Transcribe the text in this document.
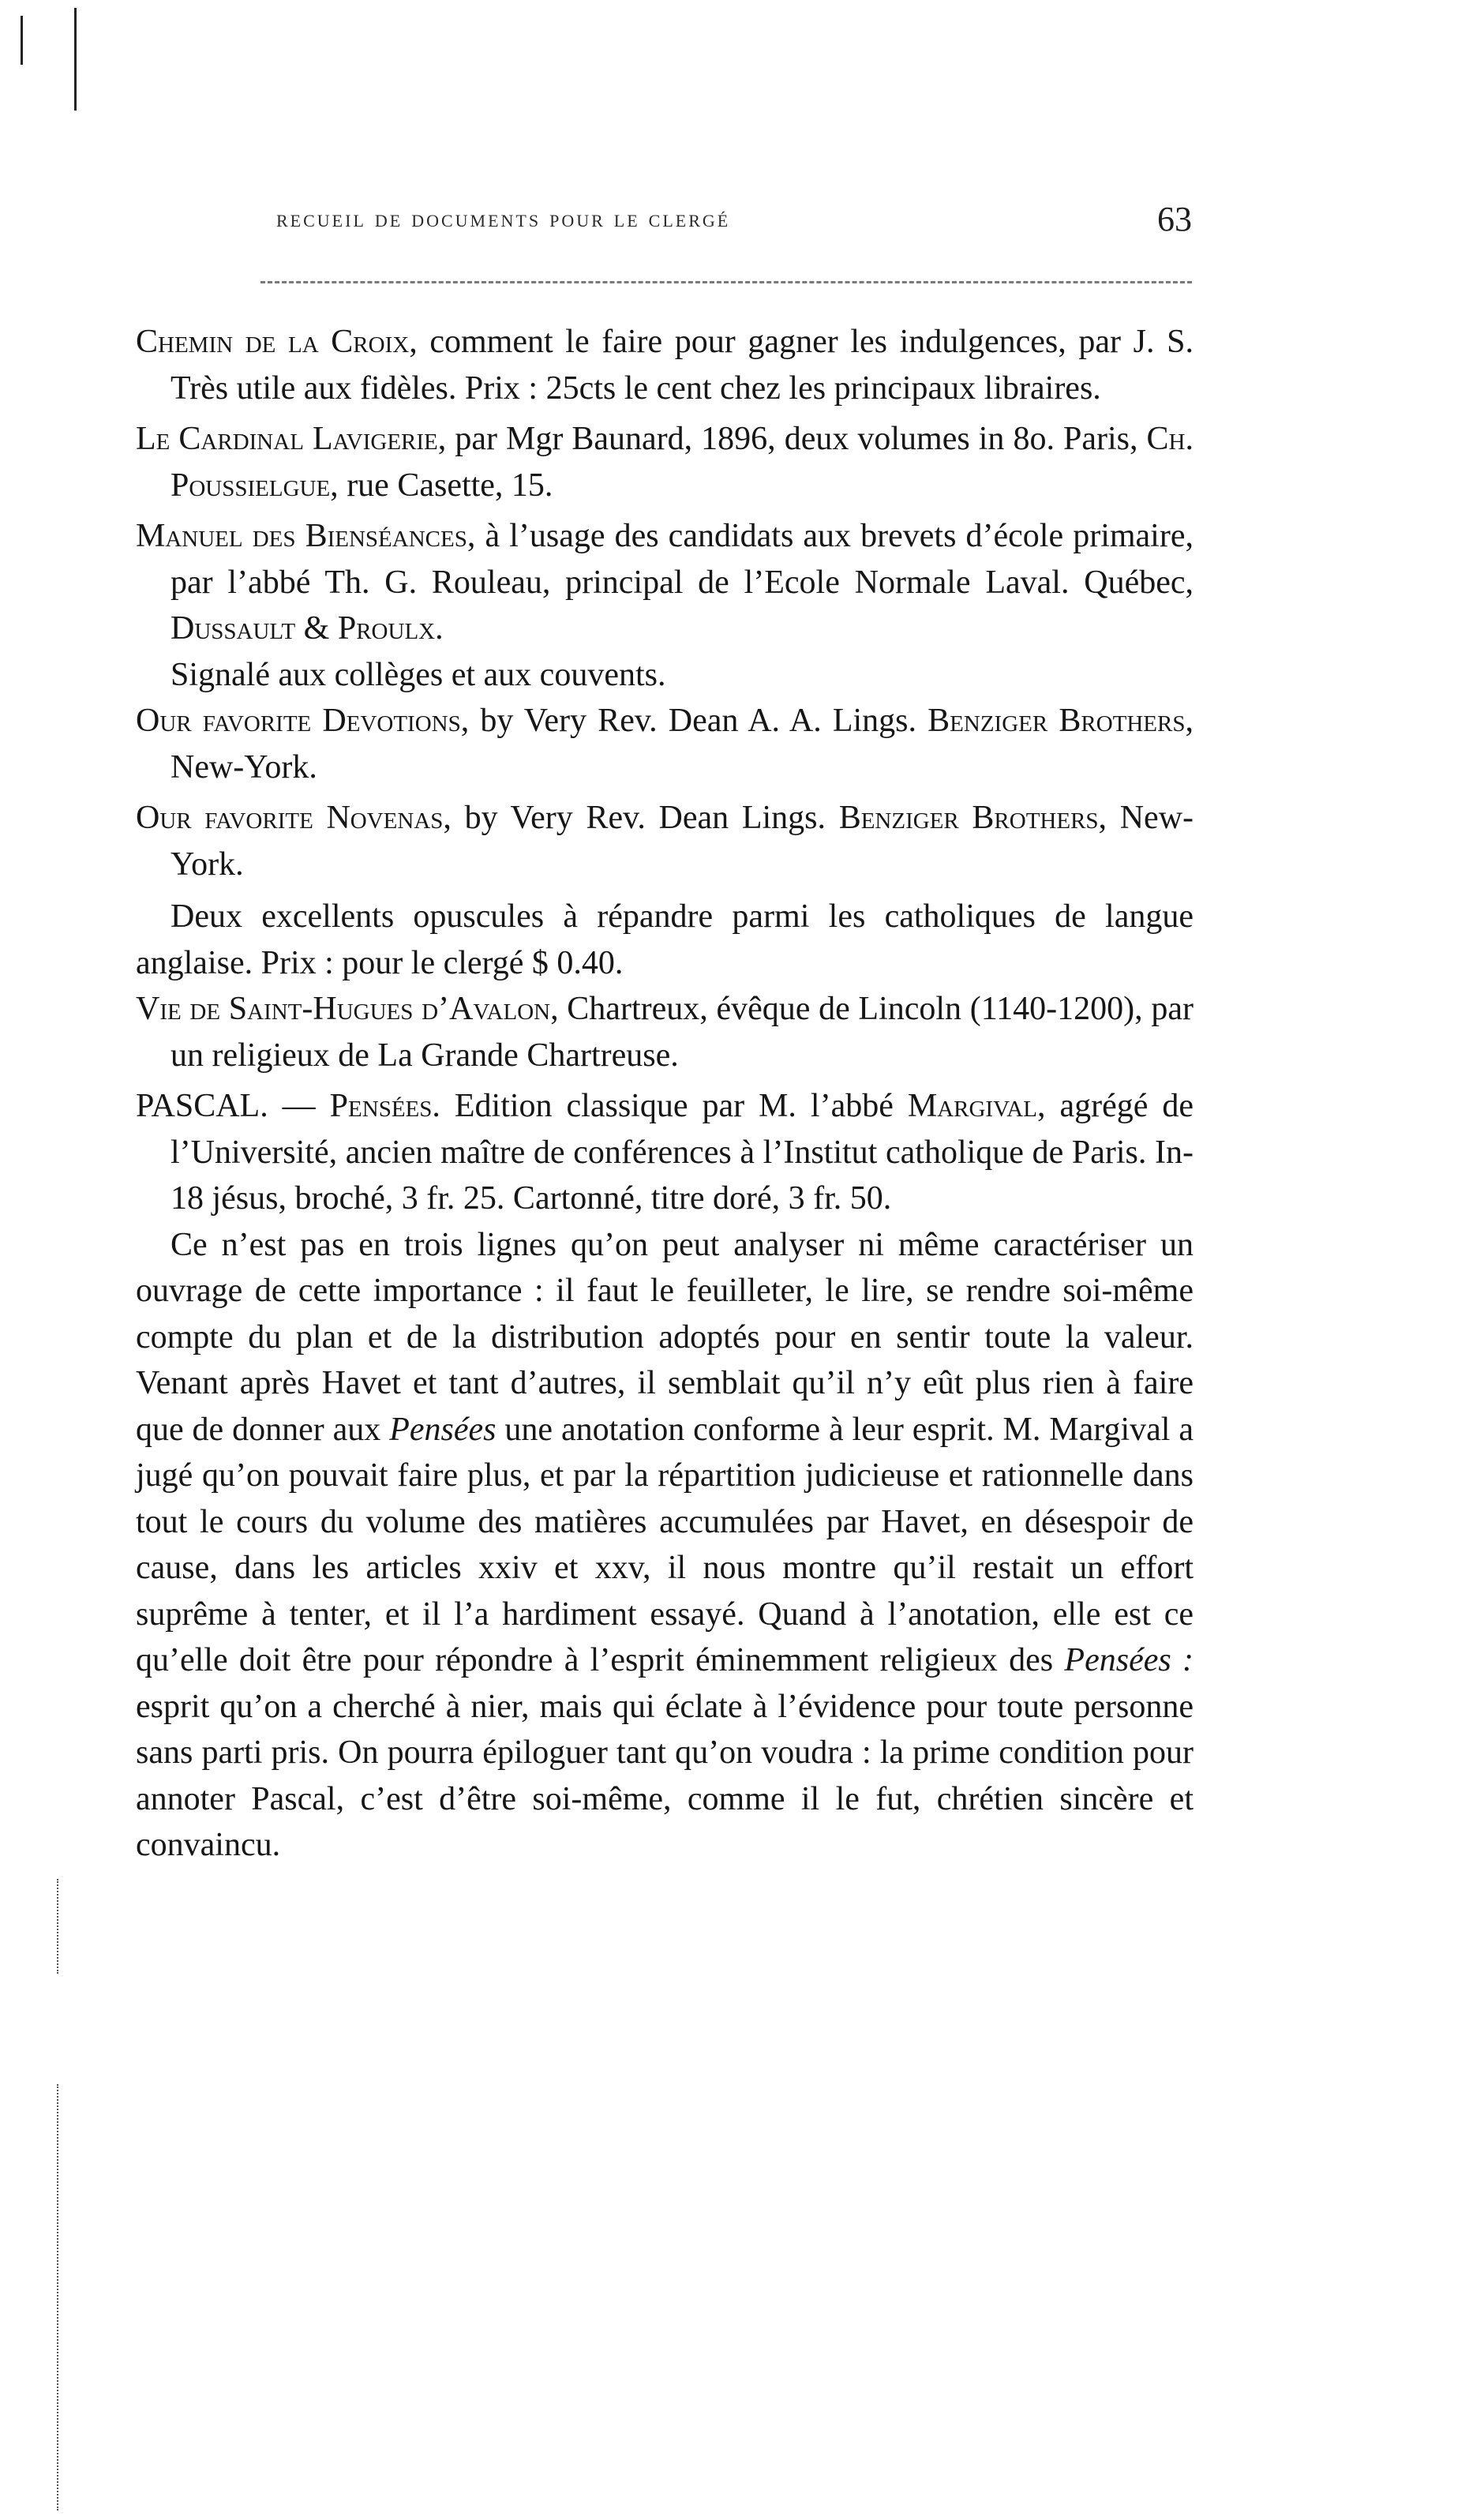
recueil de documents pour le clergé	63

Chemin de la Croix, comment le faire pour gagner les indulgences, par J. S. Très utile aux fidèles. Prix : 25cts le cent chez les principaux libraires.

Le Cardinal Lavigerie, par Mgr Baunard, 1896, deux volumes in 8o. Paris, Ch. Poussielgue, rue Casette, 15.

Manuel des Bienséances, à l’usage des candidats aux brevets d’école primaire, par l’abbé Th. G. Rouleau, principal de l’Ecole Normale Laval. Québec, Dussault & Proulx.

Signalé aux collèges et aux couvents.

Our favorite Devotions, by Very Rev. Dean A. A. Lings. Benziger Brothers, New-York.

Our favorite Novenas, by Very Rev. Dean Lings. Benziger Brothers, New-York.

Deux excellents opuscules à répandre parmi les catholiques de langue anglaise. Prix : pour le clergé $ 0.40.

Vie de Saint-Hugues d’Avalon, Chartreux, évêque de Lincoln (1140-1200), par un religieux de La Grande Chartreuse.

PASCAL. — Pensées. Edition classique par M. l’abbé Margival, agrégé de l’Université, ancien maître de conférences à l’Institut catholique de Paris. In-18 jésus, broché, 3 fr. 25. Cartonné, titre doré, 3 fr. 50.

Ce n’est pas en trois lignes qu’on peut analyser ni même caractériser un ouvrage de cette importance : il faut le feuilleter, le lire, se rendre soi-même compte du plan et de la distribution adoptés pour en sentir toute la valeur. Venant après Havet et tant d’autres, il semblait qu’il n’y eût plus rien à faire que de donner aux Pensées une anotation conforme à leur esprit. M. Margival a jugé qu’on pouvait faire plus, et par la répartition judicieuse et rationnelle dans tout le cours du volume des matières accumulées par Havet, en désespoir de cause, dans les articles xxiv et xxv, il nous montre qu’il restait un effort suprême à tenter, et il l’a hardiment essayé. Quand à l’anotation, elle est ce qu’elle doit être pour répondre à l’esprit éminemment religieux des Pensées : esprit qu’on a cherché à nier, mais qui éclate à l’évidence pour toute personne sans parti pris. On pourra épiloguer tant qu’on voudra : la prime condition pour annoter Pascal, c’est d’être soi-même, comme il le fut, chrétien sincère et convaincu.
